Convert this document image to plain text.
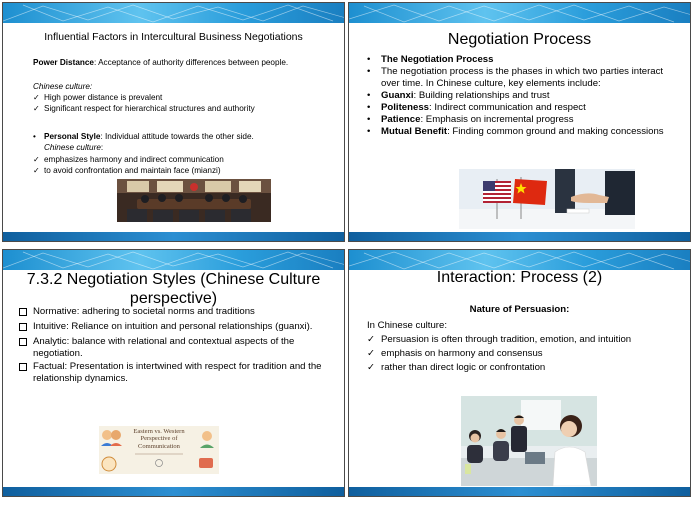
Influential Factors in Intercultural Business Negotiations
Power Distance: Acceptance of authority differences between people.
Chinese culture:
✓ High power distance is prevalent
✓ Significant respect for hierarchical structures and authority
• Personal Style: Individual attitude towards the other side.
Chinese culture:
✓ emphasizes harmony and indirect communication
✓ to avoid confrontation and maintain face (mianzi)
Negotiation Process
•	The Negotiation Process
•	The negotiation process is the phases in which two parties interact over time. In Chinese culture, key elements include:
•	Guanxi: Building relationships and trust
•	Politeness: Indirect communication and respect
•	Patience: Emphasis on incremental progress
•	Mutual Benefit: Finding common ground and making concessions
7.3.2 Negotiation Styles (Chinese Culture perspective)
Normative: adhering to societal norms and traditions
Intuitive: Reliance on intuition and personal relationships (guanxi).
Analytic: balance with relational and contextual aspects of the negotiation.
Factual: Presentation is intertwined with respect for tradition and the relationship dynamics.
Eastern vs. Western Perspective of Communication
Interaction: Process (2)
Nature of Persuasion:
In Chinese culture:
✓ Persuasion is often through tradition, emotion, and intuition
✓ emphasis on harmony and consensus
✓ rather than direct logic or confrontation
